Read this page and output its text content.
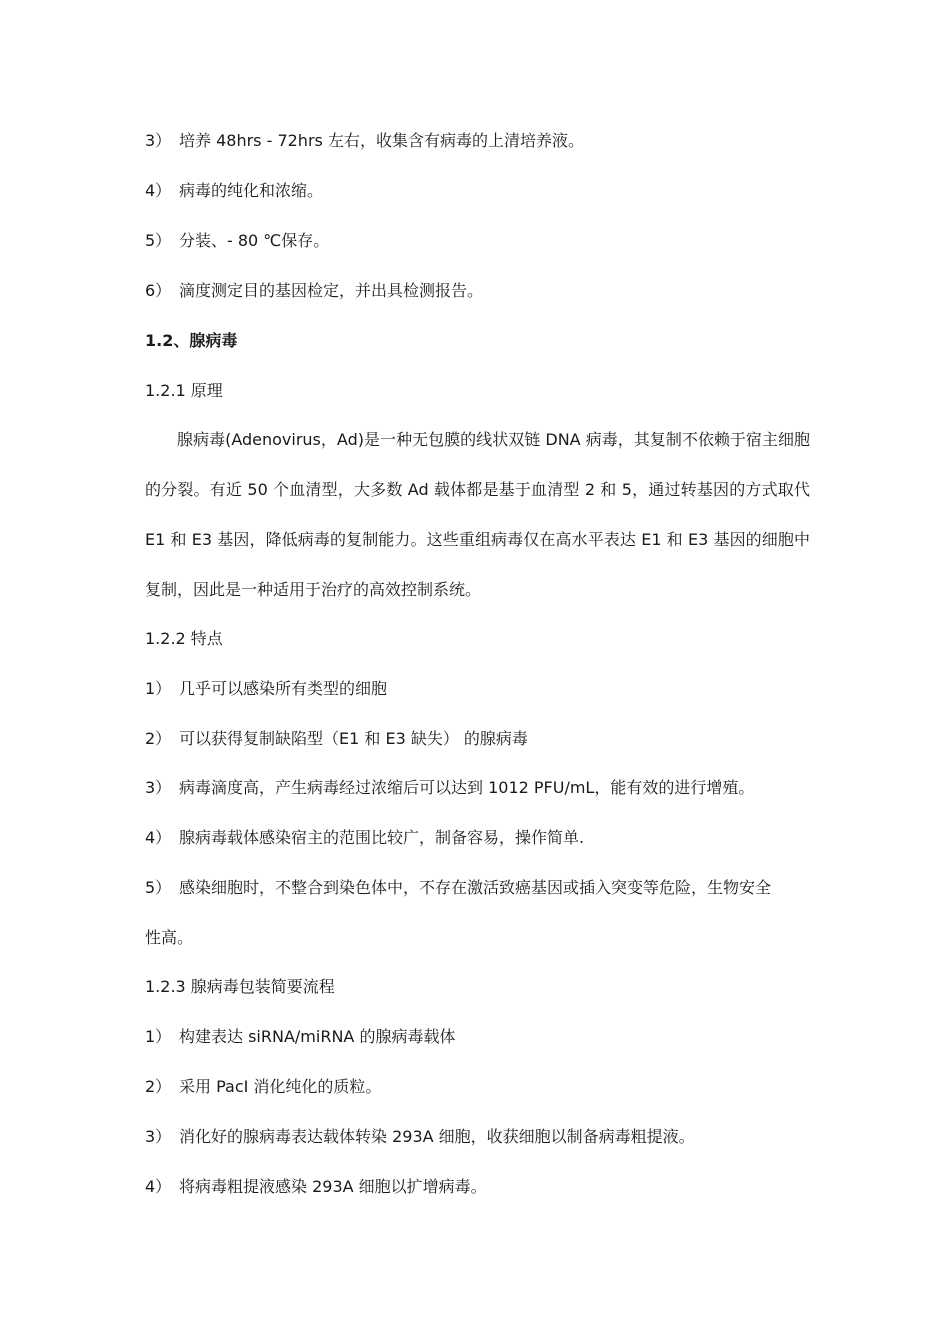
3） 培养 48hrs - 72hrs 左右，收集含有病毒的上清培养液。
4） 病毒的纯化和浓缩。
5） 分装、- 80 ℃保存。
6） 滴度测定目的基因检定，并出具检测报告。
1.2、腺病毒
1.2.1 原理
腺病毒(Adenovirus，Ad)是一种无包膜的线状双链 DNA 病毒，其复制不依赖于宿主细胞的分裂。有近 50 个血清型，大多数 Ad 载体都是基于血清型 2 和 5，通过转基因的方式取代 E1 和 E3 基因，降低病毒的复制能力。这些重组病毒仅在高水平表达 E1 和 E3 基因的细胞中复制，因此是一种适用于治疗的高效控制系统。
1.2.2 特点
1） 几乎可以感染所有类型的细胞
2） 可以获得复制缺陷型（E1 和 E3 缺失） 的腺病毒
3） 病毒滴度高，产生病毒经过浓缩后可以达到 1012 PFU/mL，能有效的进行增殖。
4） 腺病毒载体感染宿主的范围比较广，制备容易，操作简单.
5） 感染细胞时，不整合到染色体中，不存在激活致癌基因或插入突变等危险，生物安全
性高。
1.2.3 腺病毒包装简要流程
1） 构建表达 siRNA/miRNA 的腺病毒载体
2） 采用 PacI 消化纯化的质粒。
3） 消化好的腺病毒表达载体转染 293A 细胞，收获细胞以制备病毒粗提液。
4） 将病毒粗提液感染 293A 细胞以扩增病毒。
